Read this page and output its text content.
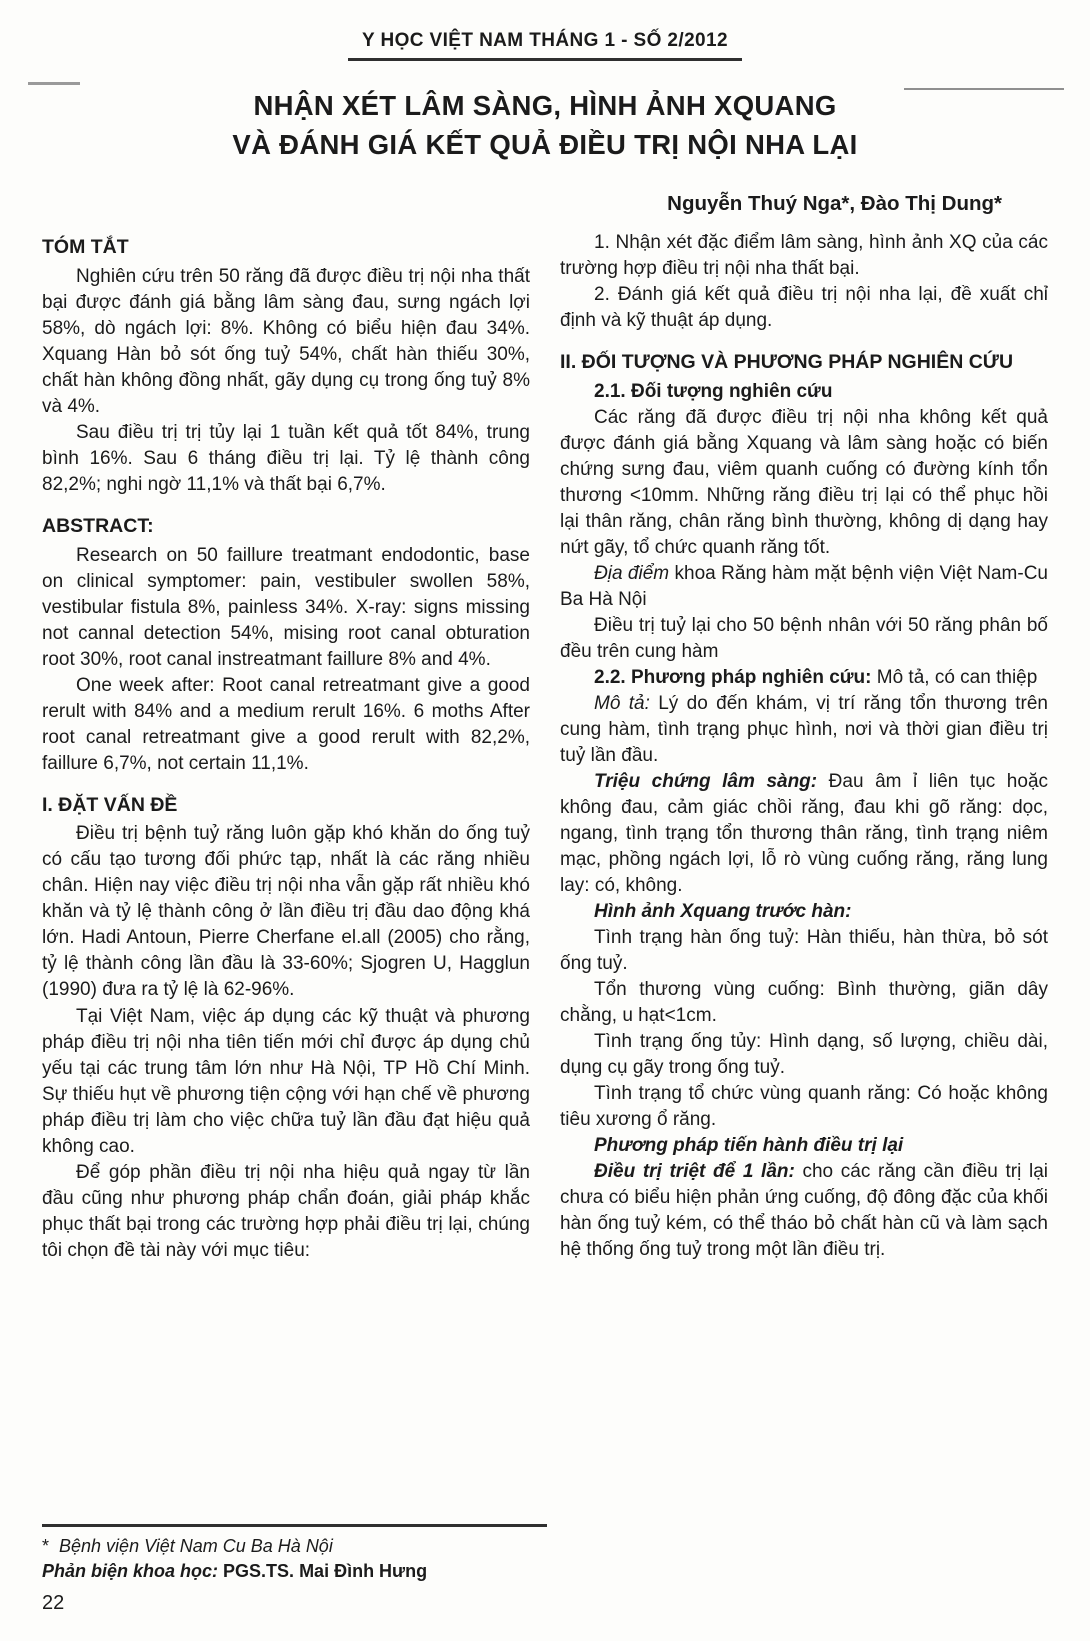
Y HỌC VIỆT NAM THÁNG 1 - SỐ 2/2012
NHẬN XÉT LÂM SÀNG, HÌNH ẢNH XQUANG
VÀ ĐÁNH GIÁ KẾT QUẢ ĐIỀU TRỊ NỘI NHA LẠI
Nguyễn Thuý Nga*, Đào Thị Dung*
TÓM TẮT

Nghiên cứu trên 50 răng đã được điều trị nội nha thất bại được đánh giá bằng lâm sàng đau, sưng ngách lợi 58%, dò ngách lợi: 8%. Không có biểu hiện đau 34%. Xquang Hàn bỏ sót ống tuỷ 54%, chất hàn thiếu 30%, chất hàn không đồng nhất, gãy dụng cụ trong ống tuỷ 8% và 4%.

Sau điều trị trị tủy lại 1 tuần kết quả tốt 84%, trung bình 16%. Sau 6 tháng điều trị lại. Tỷ lệ thành công 82,2%; nghi ngờ 11,1% và thất bại 6,7%.

ABSTRACT:

Research on 50 faillure treatmant endodontic, base on clinical symptomer: pain, vestibuler swollen 58%, vestibular fistula 8%, painless 34%. X-ray: signs missing not cannal detection 54%, mising root canal obturation root 30%, root canal instreatmant faillure 8% and 4%.

One week after: Root canal retreatmant give a good rerult with 84% and a medium rerult 16%. 6 moths After root canal retreatmant give a good rerult with 82,2%, faillure 6,7%, not certain 11,1%.

I. ĐẶT VẤN ĐỀ

Điều trị bệnh tuỷ răng luôn gặp khó khăn do ống tuỷ có cấu tạo tương đối phức tạp, nhất là các răng nhiều chân. Hiện nay việc điều trị nội nha vẫn gặp rất nhiều khó khăn và tỷ lệ thành công ở lần điều trị đầu dao động khá lớn. Hadi Antoun, Pierre Cherfane el.all (2005) cho rằng, tỷ lệ thành công lần đầu là 33-60%; Sjogren U, Hagglun (1990) đưa ra tỷ lệ là 62-96%.

Tại Việt Nam, việc áp dụng các kỹ thuật và phương pháp điều trị nội nha tiên tiến mới chỉ được áp dụng chủ yếu tại các trung tâm lớn như Hà Nội, TP Hồ Chí Minh. Sự thiếu hụt về phương tiện cộng với hạn chế về phương pháp điều trị làm cho việc chữa tuỷ lần đầu đạt hiệu quả không cao.

Để góp phần điều trị nội nha hiệu quả ngay từ lần đầu cũng như phương pháp chẩn đoán, giải pháp khắc phục thất bại trong các trường hợp phải điều trị lại, chúng tôi chọn đề tài này với mục tiêu:

1. Nhận xét đặc điểm lâm sàng, hình ảnh XQ của các trường hợp điều trị nội nha thất bại.

2. Đánh giá kết quả điều trị nội nha lại, đề xuất chỉ định và kỹ thuật áp dụng.

II. ĐỐI TƯỢNG VÀ PHƯƠNG PHÁP NGHIÊN CỨU

2.1. Đối tượng nghiên cứu

Các răng đã được điều trị nội nha không kết quả được đánh giá bằng Xquang và lâm sàng hoặc có biến chứng sưng đau, viêm quanh cuống có đường kính tổn thương <10mm. Những răng điều trị lại có thể phục hồi lại thân răng, chân răng bình thường, không dị dạng hay nứt gãy, tổ chức quanh răng tốt.

Địa điểm khoa Răng hàm mặt bệnh viện Việt Nam-Cu Ba Hà Nội

Điều trị tuỷ lại cho 50 bệnh nhân với 50 răng phân bố đều trên cung hàm

2.2. Phương pháp nghiên cứu: Mô tả, có can thiệp

Mô tả: Lý do đến khám, vị trí răng tổn thương trên cung hàm, tình trạng phục hình, nơi và thời gian điều trị tuỷ lần đầu.

Triệu chứng lâm sàng: Đau âm ỉ liên tục hoặc không đau, cảm giác chồi răng, đau khi gõ răng: dọc, ngang, tình trạng tổn thương thân răng, tình trạng niêm mạc, phồng ngách lợi, lỗ rò vùng cuống răng, răng lung lay: có, không.

Hình ảnh Xquang trước hàn:

Tình trạng hàn ống tuỷ: Hàn thiếu, hàn thừa, bỏ sót ống tuỷ.

Tổn thương vùng cuống: Bình thường, giãn dây chằng, u hạt<1cm.

Tình trạng ống tủy: Hình dạng, số lượng, chiều dài, dụng cụ gãy trong ống tuỷ.

Tình trạng tổ chức vùng quanh răng: Có hoặc không tiêu xương ổ răng.

Phương pháp tiến hành điều trị lại

Điều trị triệt để 1 lần: cho các răng cần điều trị lại chưa có biểu hiện phản ứng cuống, độ đông đặc của khối hàn ống tuỷ kém, có thể tháo bỏ chất hàn cũ và làm sạch hệ thống ống tuỷ trong một lần điều trị.

* Bệnh viện Việt Nam Cu Ba Hà Nội
Phản biện khoa học: PGS.TS. Mai Đình Hưng
22
